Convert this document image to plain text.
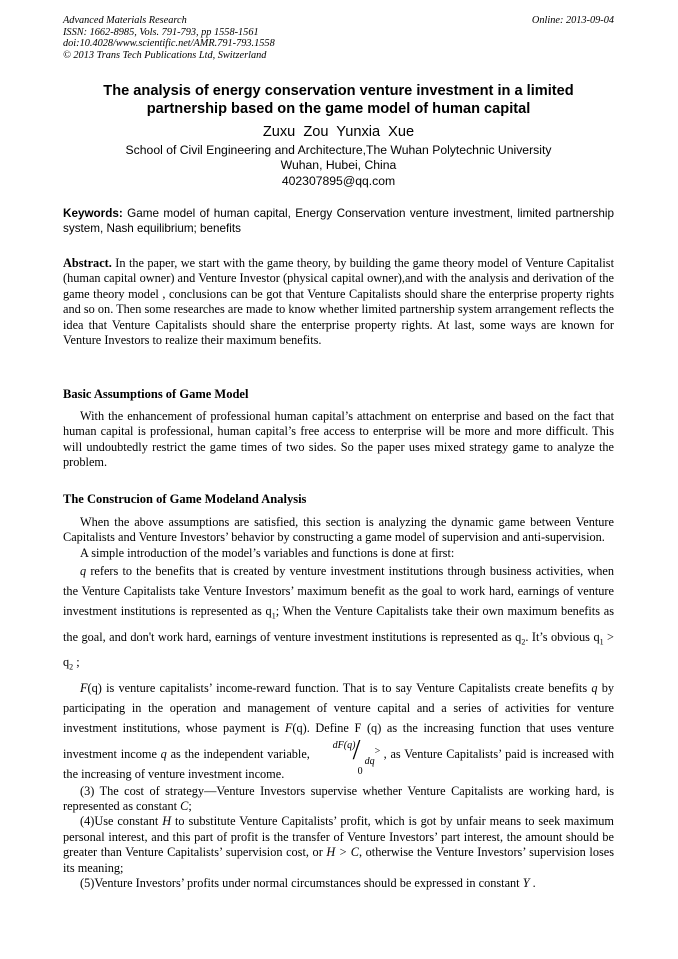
Advanced Materials Research
ISSN: 1662-8985, Vols. 791-793, pp 1558-1561
doi:10.4028/www.scientific.net/AMR.791-793.1558
© 2013 Trans Tech Publications Ltd, Switzerland
Online: 2013-09-04
The analysis of energy conservation venture investment in a limited
partnership based on the game model of human capital
Zuxu Zou Yunxia Xue
School of Civil Engineering and Architecture,The Wuhan Polytechnic University
Wuhan, Hubei, China
402307895@qq.com
Keywords: Game model of human capital, Energy Conservation venture investment, limited partnership system, Nash equilibrium; benefits

Abstract. In the paper, we start with the game theory, by building the game theory model of Venture Capitalist (human capital owner) and Venture Investor (physical capital owner),and with the analysis and derivation of the game theory model , conclusions can be got that Venture Capitalists should share the enterprise property rights and so on. Then some researches are made to know whether limited partnership system arrangement reflects the idea that Venture Capitalists should share the enterprise property rights. At last, some ways are known for Venture Investors to realize their maximum benefits.

Basic Assumptions of Game Model

With the enhancement of professional human capital’s attachment on enterprise and based on the fact that human capital is professional, human capital’s free access to enterprise will be more and more difficult. This will undoubtedly restrict the game times of two sides. So the paper uses mixed strategy game to analyze the problem.

The Construcion of Game Modeland Analysis

When the above assumptions are satisfied, this section is analyzing the dynamic game between Venture Capitalists and Venture Investors’ behavior by constructing a game model of supervision and anti-supervision.

A simple introduction of the model’s variables and functions is done at first:

q refers to the benefits that is created by venture investment institutions through business activities, when the Venture Capitalists take Venture Investors’ maximum benefit as the goal to work hard, earnings of venture investment institutions is represented as $q_1$; When the Venture Capitalists take their own maximum benefits as the goal, and don't work hard, earnings of venture investment institutions is represented as $q_2$. It’s obvious $q_1 > q_2$ ;

F(q) is venture capitalists’ income-reward function. That is to say Venture Capitalists create benefits q by participating in the operation and management of venture capital and a series of activities for venture investment institutions, whose payment is F(q). Define F (q) as the increasing function that uses venture investment income q as the independent variable,
dF(q)
/ dq
> 0
, as Venture Capitalists’ paid is increased with the increasing of venture investment income.

(3) The cost of strategy—Venture Investors supervise whether Venture Capitalists are working hard, is represented as constant C;

(4)Use constant H to substitute Venture Capitalists’ profit, which is got by unfair means to seek maximum personal interest, and this part of profit is the transfer of Venture Investors’ part interest, the amount should be greater than Venture Capitalists’ supervision cost, or H > C, otherwise the Venture Investors’ supervision loses its meaning;

(5)Venture Investors’ profits under normal circumstances should be expressed in constant Y .
